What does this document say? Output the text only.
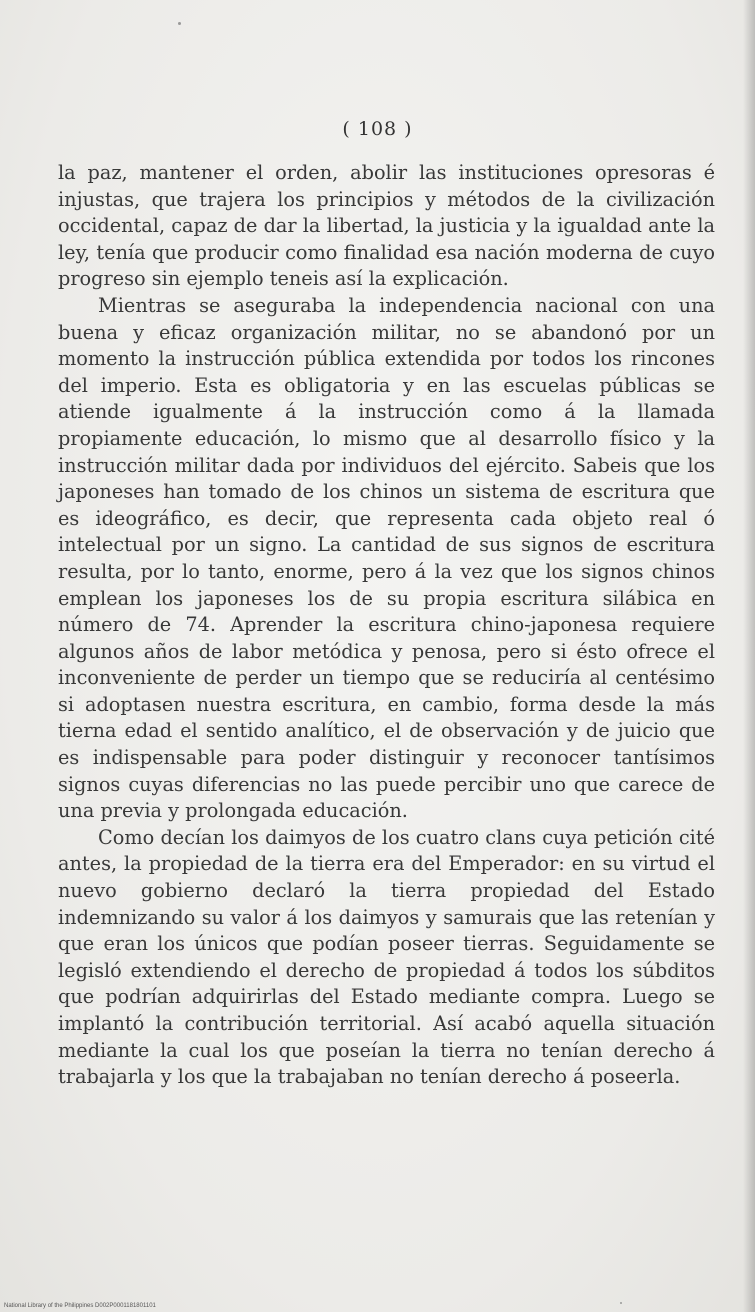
( 108 )

la paz, mantener el orden, abolir las instituciones opresoras é injustas, que trajera los principios y métodos de la civilización occidental, capaz de dar la libertad, la justicia y la igualdad ante la ley, tenía que producir como finalidad esa nación moderna de cuyo progreso sin ejemplo teneis así la explicación.

Mientras se aseguraba la independencia nacional con una buena y eficaz organización militar, no se abandonó por un momento la instrucción pública extendida por todos los rincones del imperio. Esta es obligatoria y en las escuelas públicas se atiende igualmente á la instrucción como á la llamada propiamente educación, lo mismo que al desarrollo físico y la instrucción militar dada por individuos del ejército. Sabeis que los japoneses han tomado de los chinos un sistema de escritura que es ideográfico, es decir, que representa cada objeto real ó intelectual por un signo. La cantidad de sus signos de escritura resulta, por lo tanto, enorme, pero á la vez que los signos chinos emplean los japoneses los de su propia escritura silábica en número de 74. Aprender la escritura chino-japonesa requiere algunos años de labor metódica y penosa, pero si ésto ofrece el inconveniente de perder un tiempo que se reduciría al centésimo si adoptasen nuestra escritura, en cambio, forma desde la más tierna edad el sentido analítico, el de observación y de juicio que es indispensable para poder distinguir y reconocer tantísimos signos cuyas diferencias no las puede percibir uno que carece de una previa y prolongada educación.

Como decían los daimyos de los cuatro clans cuya petición cité antes, la propiedad de la tierra era del Emperador: en su virtud el nuevo gobierno declaró la tierra propiedad del Estado indemnizando su valor á los daimyos y samurais que las retenían y que eran los únicos que podían poseer tierras. Seguidamente se legisló extendiendo el derecho de propiedad á todos los súbditos que podrían adquirirlas del Estado mediante compra. Luego se implantó la contribución territorial. Así acabó aquella situación mediante la cual los que poseían la tierra no tenían derecho á trabajarla y los que la trabajaban no tenían derecho á poseerla.

National Library of the Philippines D002P0001181801101
